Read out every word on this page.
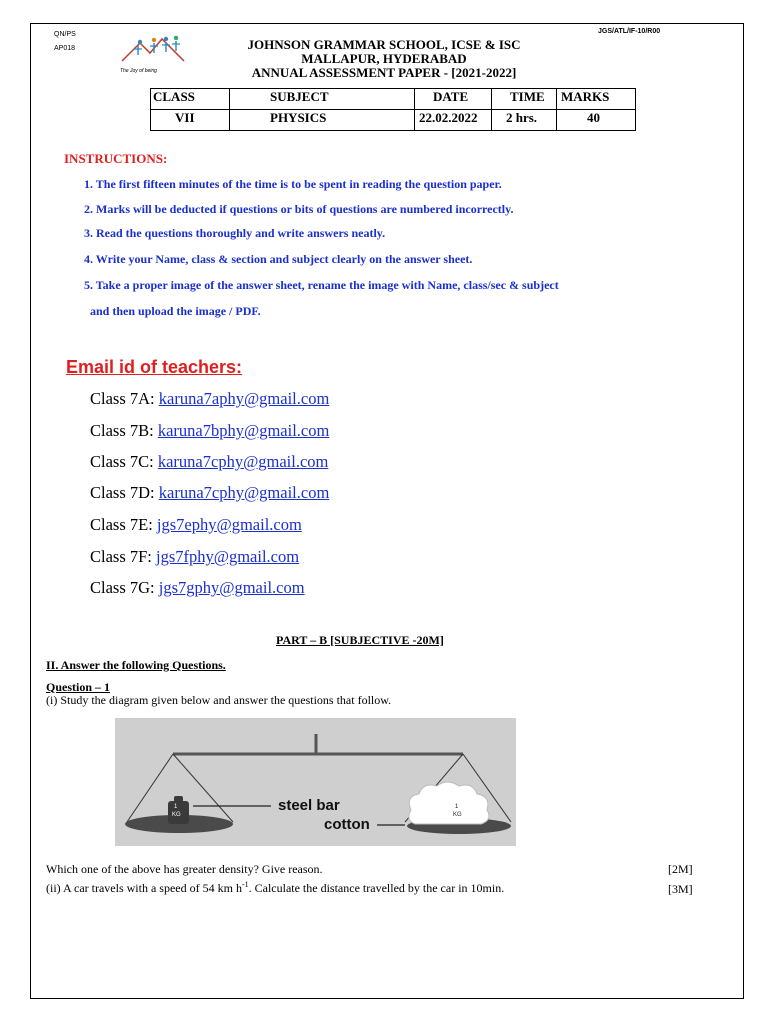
QN/PS
AP018
JGS/ATL/IF-10/R00
The Joy of being
JOHNSON GRAMMAR SCHOOL, ICSE & ISC
MALLAPUR, HYDERABAD
ANNUAL ASSESSMENT PAPER - [2021-2022]
CLASS	SUBJECT	DATE	TIME	MARKS
VII	PHYSICS	22.02.2022	2 hrs.	40
INSTRUCTIONS:
1. The first fifteen minutes of the time is to be spent in reading the question paper.
2. Marks will be deducted if questions or bits of questions are numbered incorrectly.
3. Read the questions thoroughly and write answers neatly.
4. Write your Name, class & section and subject clearly on the answer sheet.
5. Take a proper image of the answer sheet, rename the image with Name, class/sec & subject
and then upload the image / PDF.
Email id of teachers:
Class 7A: karuna7aphy@gmail.com
Class 7B: karuna7bphy@gmail.com
Class 7C: karuna7cphy@gmail.com
Class 7D: karuna7cphy@gmail.com
Class 7E: jgs7ephy@gmail.com
Class 7F: jgs7fphy@gmail.com
Class 7G: jgs7gphy@gmail.com
PART – B [SUBJECTIVE -20M]
II. Answer the following Questions.
Question – 1
(i) Study the diagram given below and answer the questions that follow.
1
KG
1
KG
steel bar
cotton
Which one of the above has greater density? Give reason.	[2M]
(ii) A car travels with a speed of 54 km $h^{-1}$. Calculate the distance travelled by the car in 10min.	[3M]
